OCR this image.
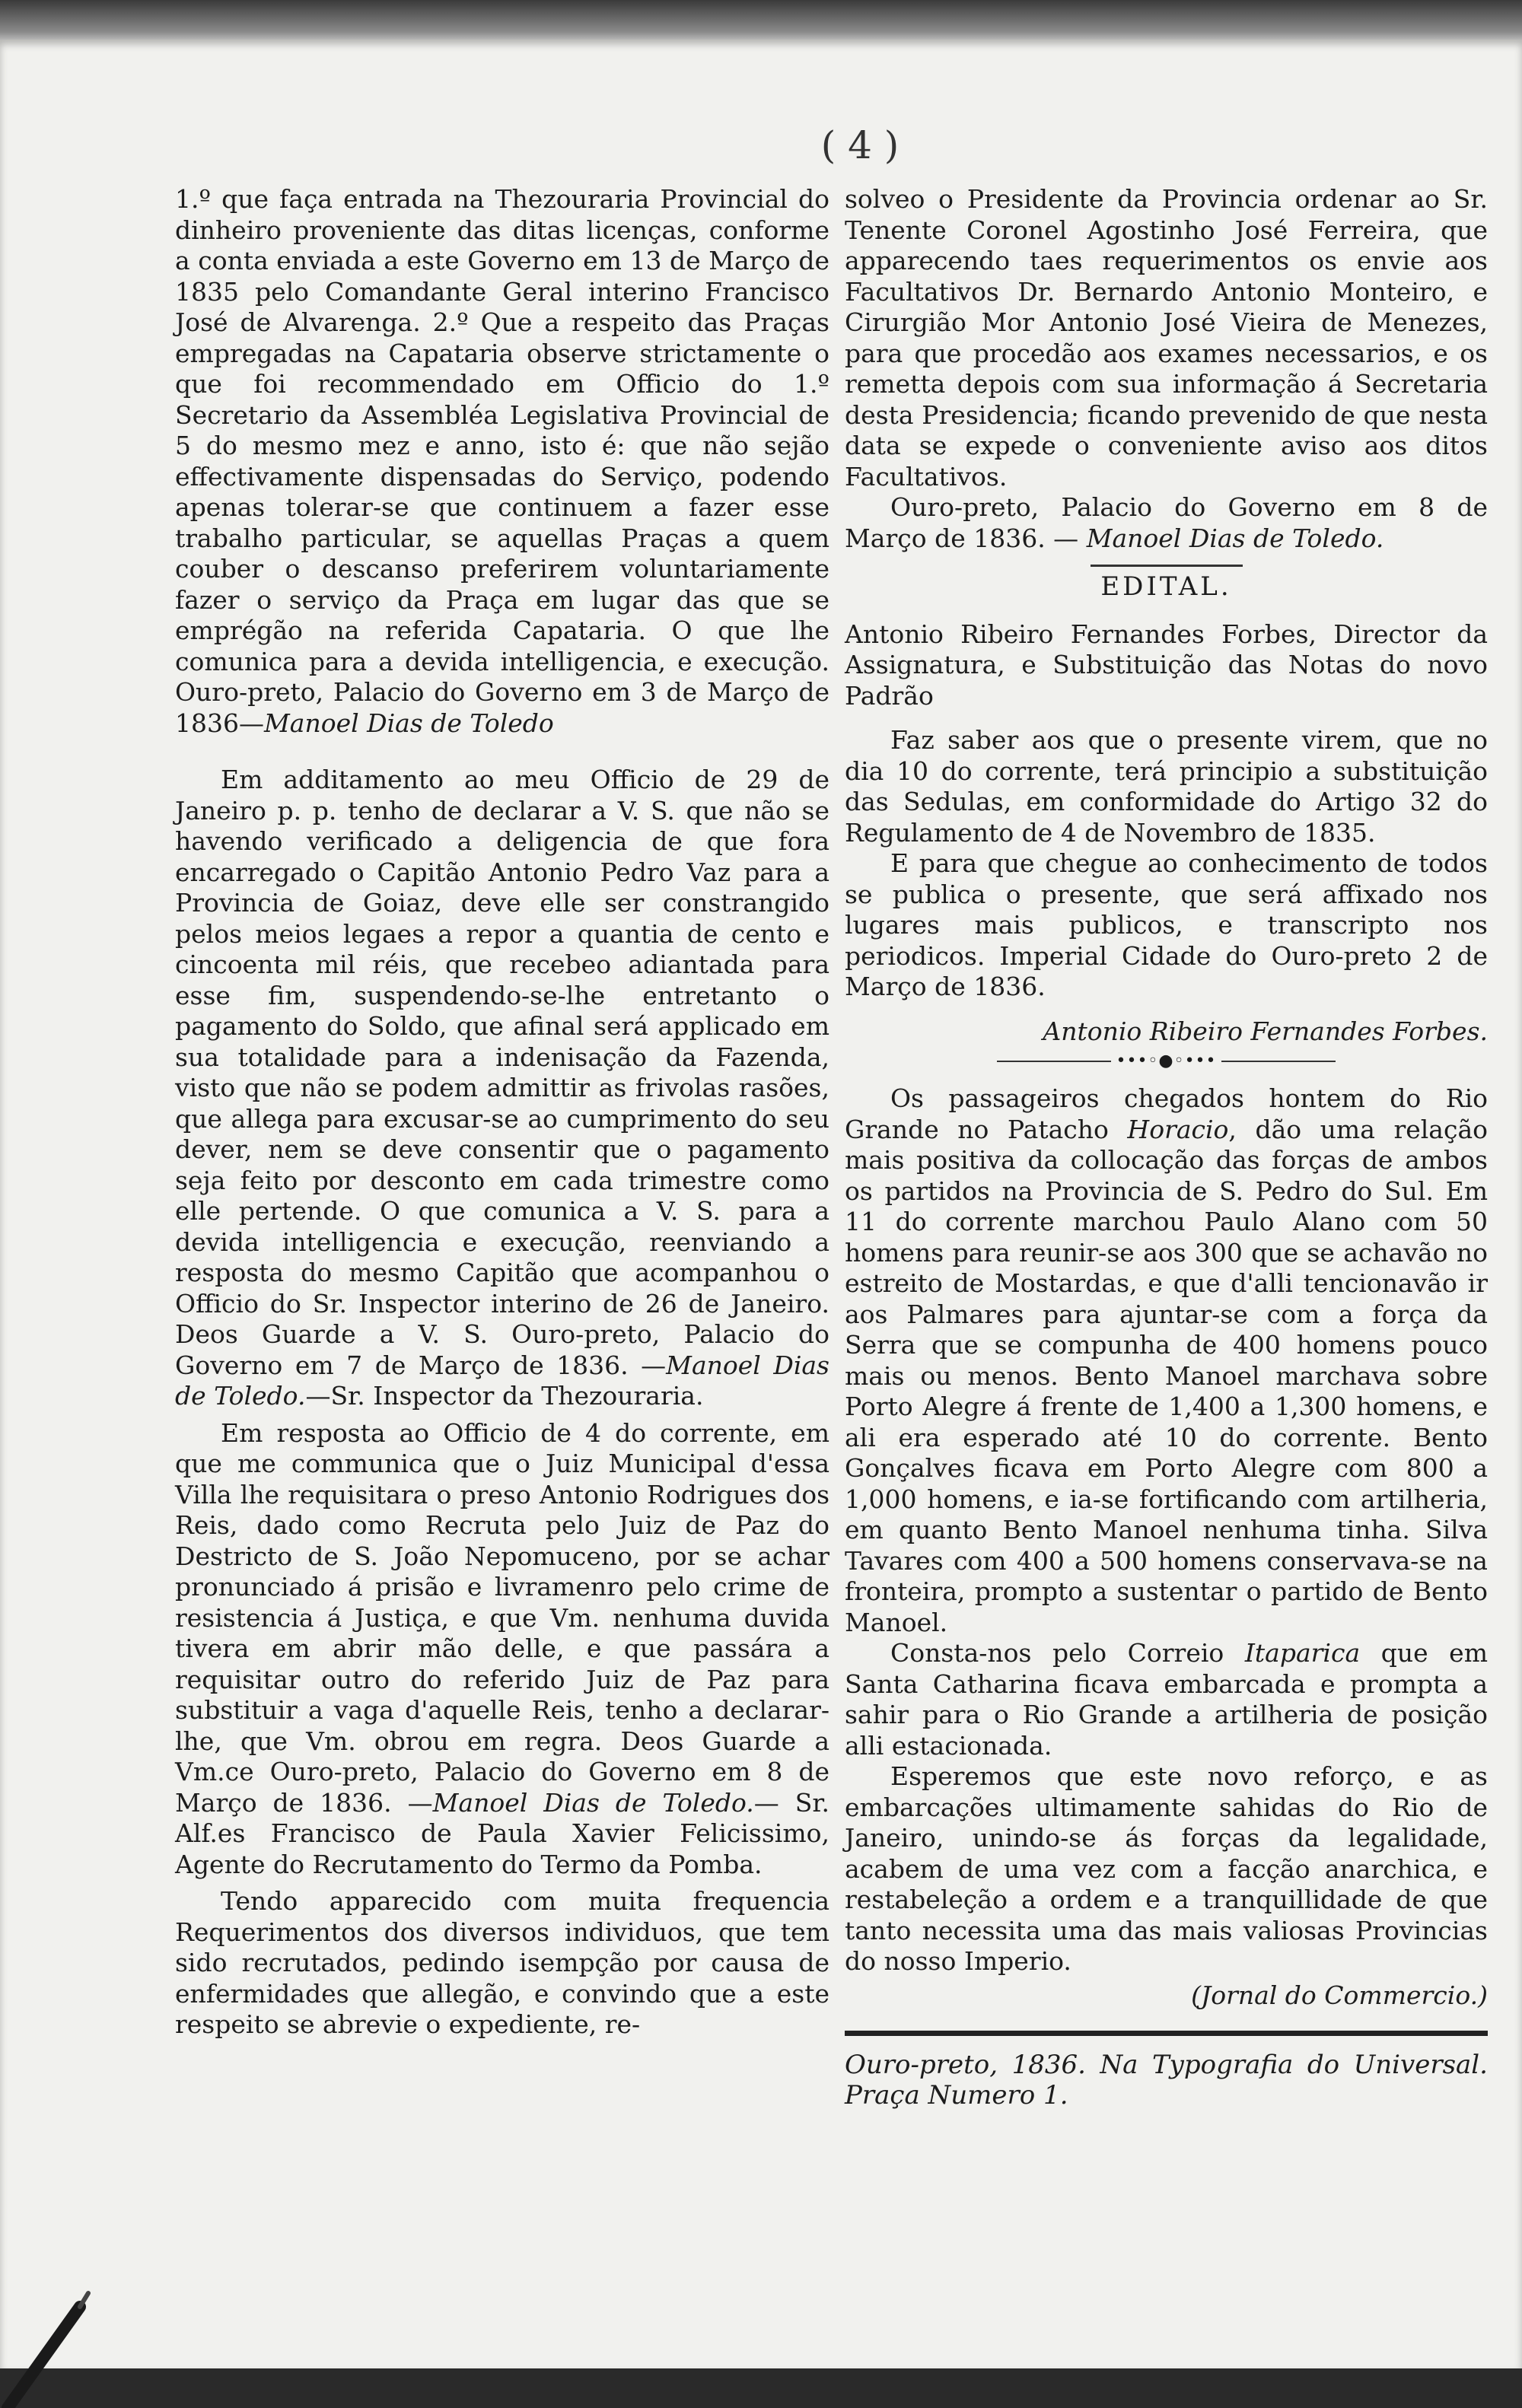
( 4 )

1.º que faça entrada na Thezouraria Provincial do dinheiro proveniente das ditas licenças, conforme a conta enviada a este Governo em 13 de Março de 1835 pelo Comandante Geral interino Francisco José de Alvarenga. 2.º Que a respeito das Praças empregadas na Capataria observe strictamente o que foi recommendado em Officio do 1.º Secretario da Assembléa Legislativa Provincial de 5 do mesmo mez e anno, isto é: que não sejão effectivamente dispensadas do Serviço, podendo apenas tolerar-se que continuem a fazer esse trabalho particular, se aquellas Praças a quem couber o descanso preferirem voluntariamente fazer o serviço da Praça em lugar das que se emprégão na referida Capataria. O que lhe comunica para a devida intelligencia, e execução. Ouro-preto, Palacio do Governo em 3 de Março de 1836—Manoel Dias de Toledo

Em additamento ao meu Officio de 29 de Janeiro p. p. tenho de declarar a V. S. que não se havendo verificado a deligencia de que fora encarregado o Capitão Antonio Pedro Vaz para a Provincia de Goiaz, deve elle ser constrangido pelos meios legaes a repor a quantia de cento e cincoenta mil réis, que recebeo adiantada para esse fim, suspendendo-se-lhe entretanto o pagamento do Soldo, que afinal será applicado em sua totalidade para a indenisação da Fazenda, visto que não se podem admittir as frivolas rasões, que allega para excusar-se ao cumprimento do seu dever, nem se deve consentir que o pagamento seja feito por desconto em cada trimestre como elle pertende. O que comunica a V. S. para a devida intelligencia e execução, reenviando a resposta do mesmo Capitão que acompanhou o Officio do Sr. Inspector interino de 26 de Janeiro. Deos Guarde a V. S. Ouro-preto, Palacio do Governo em 7 de Março de 1836. —Manoel Dias de Toledo.—Sr. Inspector da Thezouraria.

Em resposta ao Officio de 4 do corrente, em que me communica que o Juiz Municipal d'essa Villa lhe requisitara o preso Antonio Rodrigues dos Reis, dado como Recruta pelo Juiz de Paz do Destricto de S. João Nepomuceno, por se achar pronunciado á prisão e livramenro pelo crime de resistencia á Justiça, e que Vm. nenhuma duvida tivera em abrir mão delle, e que passára a requisitar outro do referido Juiz de Paz para substituir a vaga d'aquelle Reis, tenho a declarar-lhe, que Vm. obrou em regra. Deos Guarde a Vm.ce Ouro-preto, Palacio do Governo em 8 de Março de 1836. —Manoel Dias de Toledo.— Sr. Alf.es Francisco de Paula Xavier Felicissimo, Agente do Recrutamento do Termo da Pomba.

Tendo apparecido com muita frequencia Requerimentos dos diversos individuos, que tem sido recrutados, pedindo isempção por causa de enfermidades que allegão, e convindo que a este respeito se abrevie o expediente, re-

solveo o Presidente da Provincia ordenar ao Sr. Tenente Coronel Agostinho José Ferreira, que apparecendo taes requerimentos os envie aos Facultativos Dr. Bernardo Antonio Monteiro, e Cirurgião Mor Antonio José Vieira de Menezes, para que procedão aos exames necessarios, e os remetta depois com sua informação á Secretaria desta Presidencia; ficando prevenido de que nesta data se expede o conveniente aviso aos ditos Facultativos.

Ouro-preto, Palacio do Governo em 8 de Março de 1836. — Manoel Dias de Toledo.

EDITAL.

Antonio Ribeiro Fernandes Forbes, Director da Assignatura, e Substituição das Notas do novo Padrão

Faz saber aos que o presente virem, que no dia 10 do corrente, terá principio a substituição das Sedulas, em conformidade do Artigo 32 do Regulamento de 4 de Novembro de 1835.

E para que chegue ao conhecimento de todos se publica o presente, que será affixado nos lugares mais publicos, e transcripto nos periodicos. Imperial Cidade do Ouro-preto 2 de Março de 1836.

Antonio Ribeiro Fernandes Forbes.

•••◦●◦•••

Os passageiros chegados hontem do Rio Grande no Patacho Horacio, dão uma relação mais positiva da collocação das forças de ambos os partidos na Provincia de S. Pedro do Sul. Em 11 do corrente marchou Paulo Alano com 50 homens para reunir-se aos 300 que se achavão no estreito de Mostardas, e que d'alli tencionavão ir aos Palmares para ajuntar-se com a força da Serra que se compunha de 400 homens pouco mais ou menos. Bento Manoel marchava sobre Porto Alegre á frente de 1,400 a 1,300 homens, e ali era esperado até 10 do corrente. Bento Gonçalves ficava em Porto Alegre com 800 a 1,000 homens, e ia-se fortificando com artilheria, em quanto Bento Manoel nenhuma tinha. Silva Tavares com 400 a 500 homens conservava-se na fronteira, prompto a sustentar o partido de Bento Manoel.

Consta-nos pelo Correio Itaparica que em Santa Catharina ficava embarcada e prompta a sahir para o Rio Grande a artilheria de posição alli estacionada.

Esperemos que este novo reforço, e as embarcações ultimamente sahidas do Rio de Janeiro, unindo-se ás forças da legalidade, acabem de uma vez com a facção anarchica, e restabeleção a ordem e a tranquillidade de que tanto necessita uma das mais valiosas Provincias do nosso Imperio.

(Jornal do Commercio.)

Ouro-preto, 1836. Na Typografia do Universal. Praça Numero 1.
